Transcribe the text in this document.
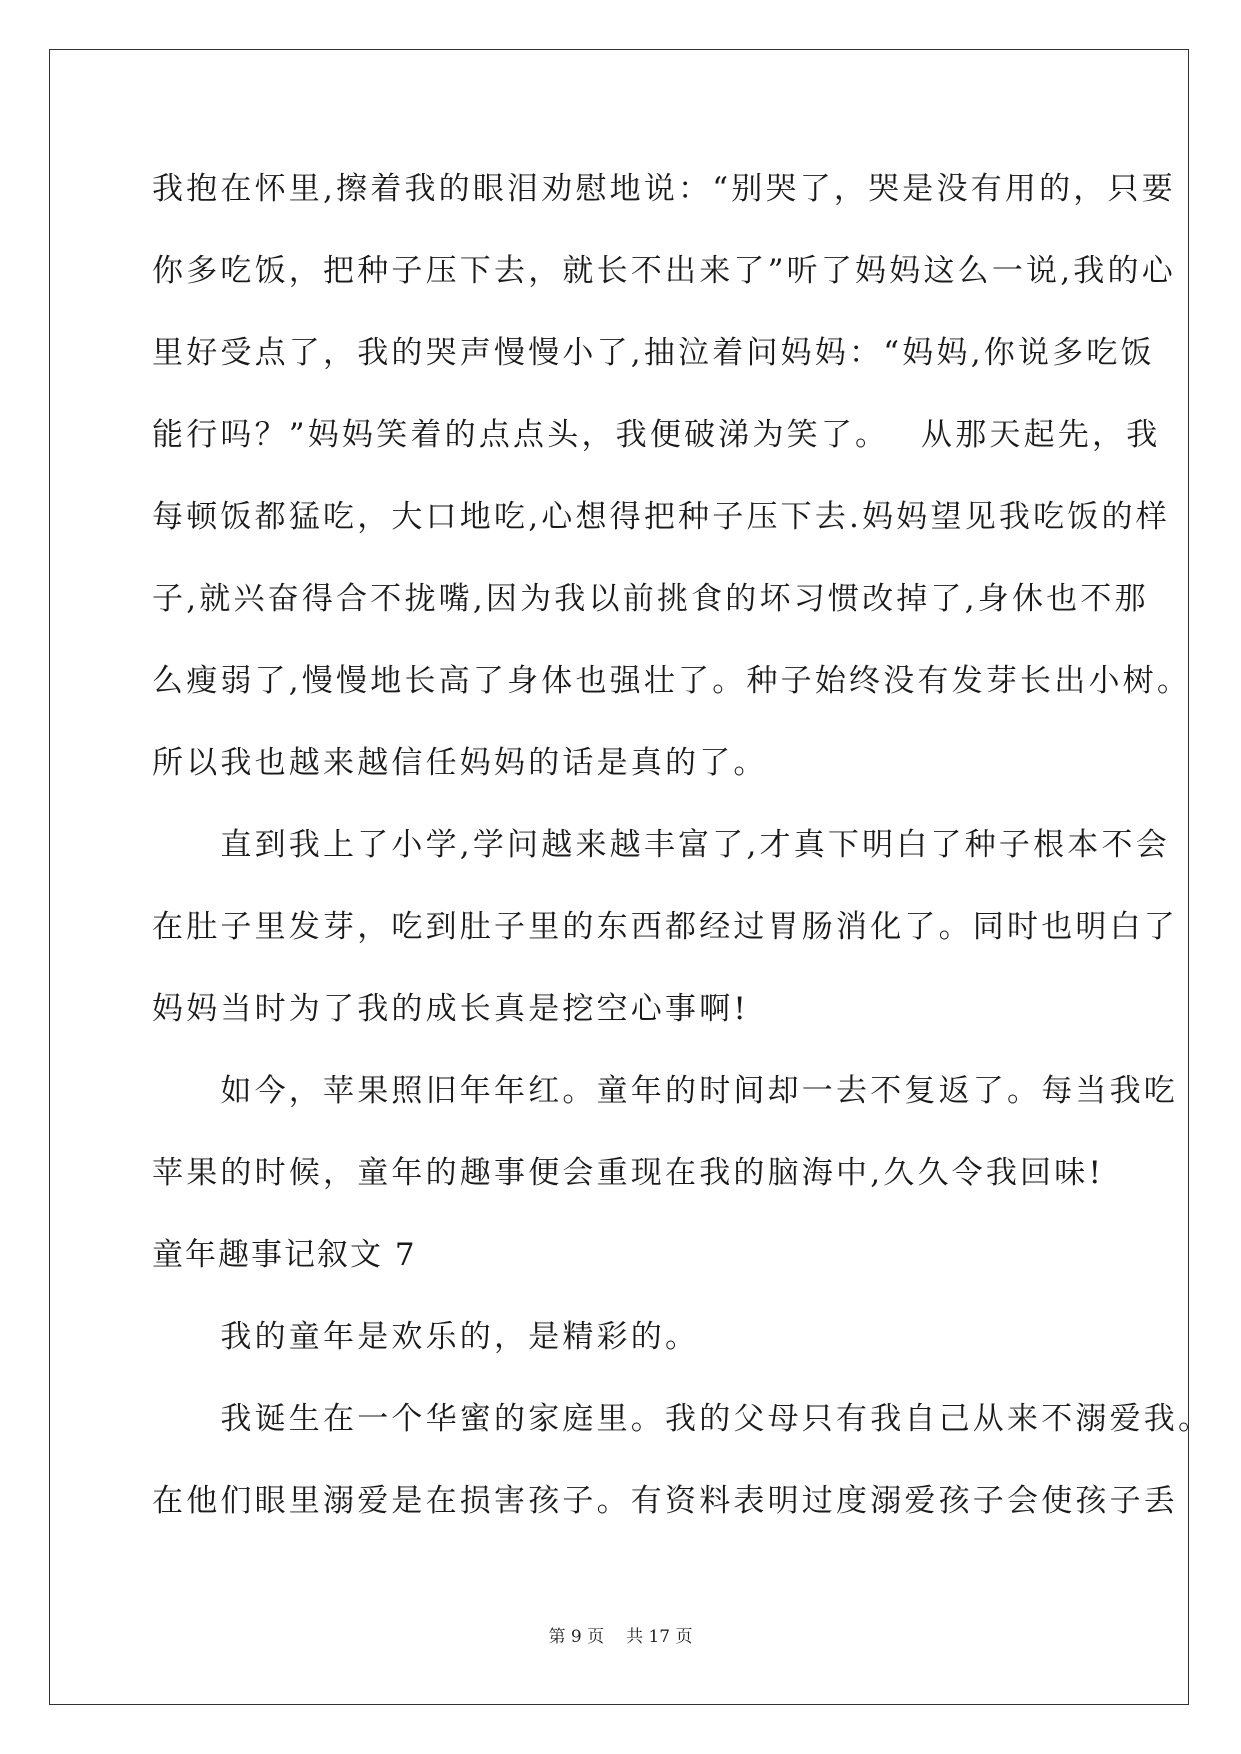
我抱在怀里,擦着我的眼泪劝慰地说：“别哭了，哭是没有用的，只要
你多吃饭，把种子压下去，就长不出来了”听了妈妈这么一说,我的心
里好受点了，我的哭声慢慢小了,抽泣着问妈妈：“妈妈,你说多吃饭
能行吗？”妈妈笑着的点点头，我便破涕为笑了。　 从那天起先，我
每顿饭都猛吃，大口地吃,心想得把种子压下去.妈妈望见我吃饭的样
子,就兴奋得合不拢嘴,因为我以前挑食的坏习惯改掉了,身休也不那
么瘦弱了,慢慢地长高了身体也强壮了。种子始终没有发芽长出小树。
所以我也越来越信任妈妈的话是真的了。
　　直到我上了小学,学问越来越丰富了,才真下明白了种子根本不会
在肚子里发芽，吃到肚子里的东西都经过胃肠消化了。同时也明白了
妈妈当时为了我的成长真是挖空心事啊!
　　如今，苹果照旧年年红。童年的时间却一去不复返了。每当我吃
苹果的时候，童年的趣事便会重现在我的脑海中,久久令我回味!
童年趣事记叙文 7
　　我的童年是欢乐的，是精彩的。
　　我诞生在一个华蜜的家庭里。我的父母只有我自己从来不溺爱我。
在他们眼里溺爱是在损害孩子。有资料表明过度溺爱孩子会使孩子丢
第 9 页 共 17 页
